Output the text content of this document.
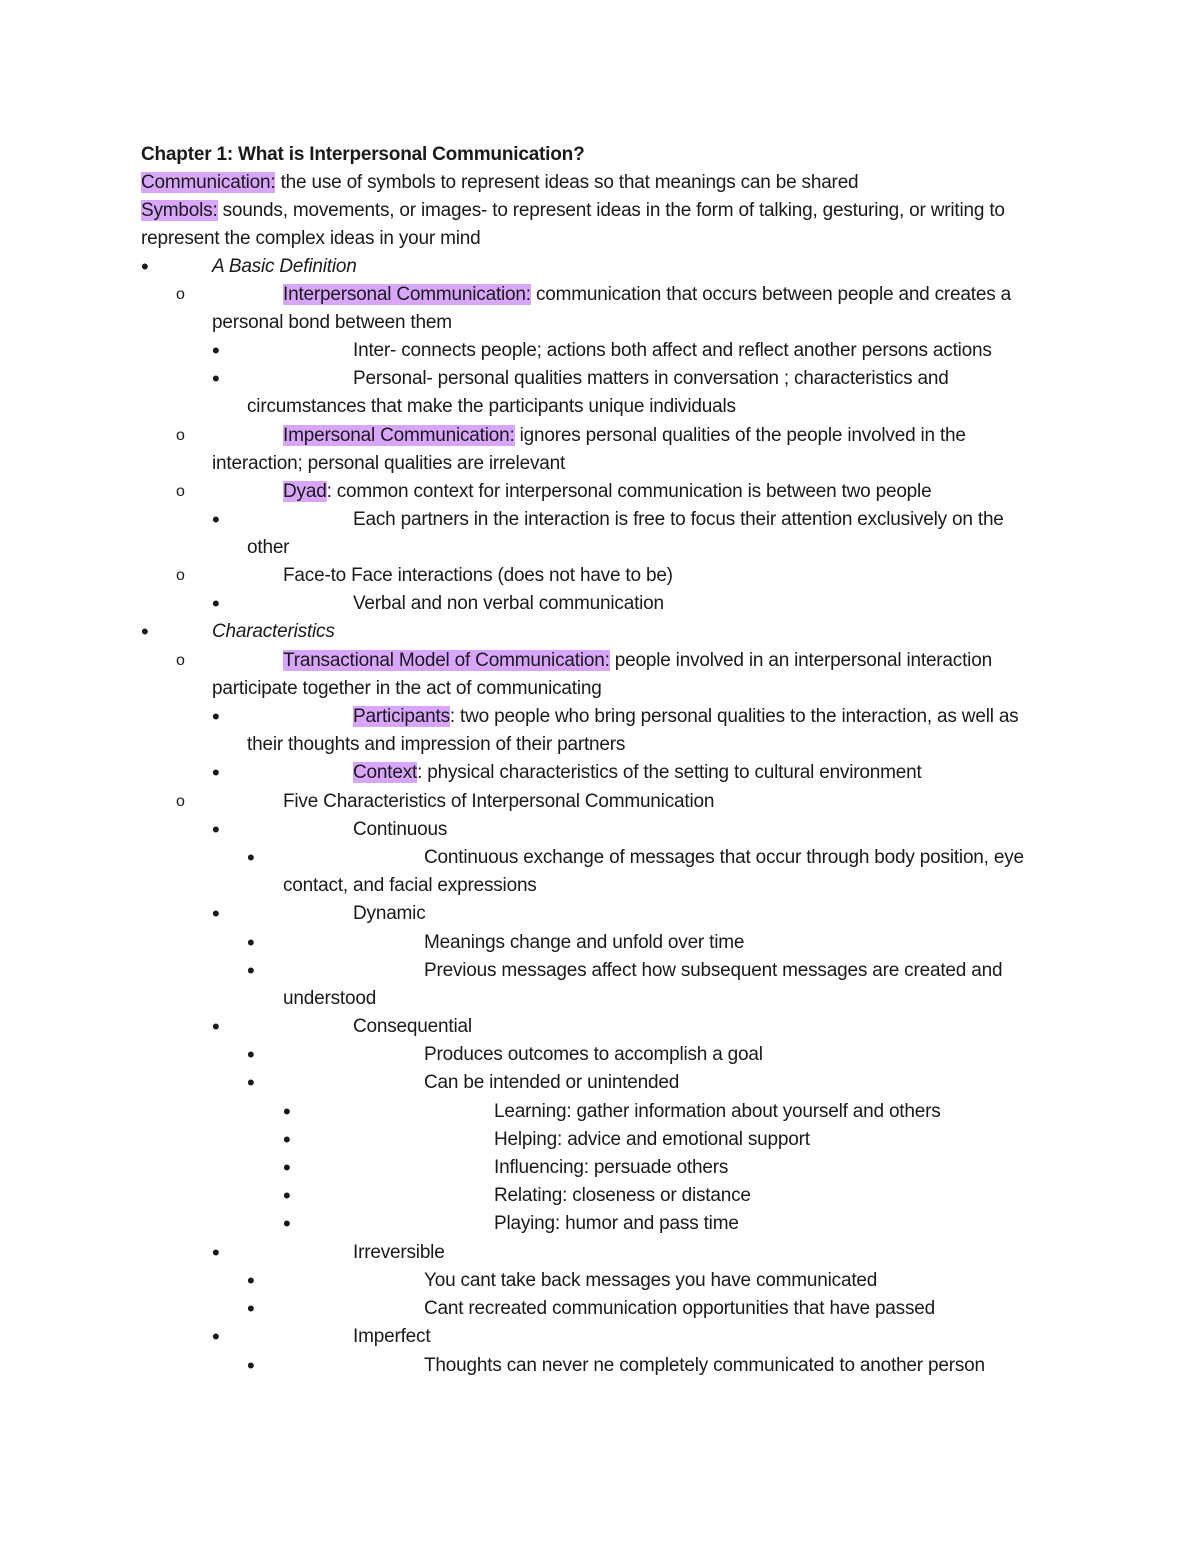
Chapter 1: What is Interpersonal Communication?
Communication: the use of symbols to represent ideas so that meanings can be shared
Symbols: sounds, movements, or images- to represent ideas in the form of talking, gesturing, or writing to
represent the complex ideas in your mind
•	A Basic Definition
o	Interpersonal Communication: communication that occurs between people and creates a
personal bond between them
•	Inter- connects people; actions both affect and reflect another persons actions
•	Personal- personal qualities matters in conversation ; characteristics and
circumstances that make the participants unique individuals
o	Impersonal Communication: ignores personal qualities of the people involved in the
interaction; personal qualities are irrelevant
o	Dyad: common context for interpersonal communication is between two people
•	Each partners in the interaction is free to focus their attention exclusively on the
other
o	Face-to Face interactions (does not have to be)
•	Verbal and non verbal communication
•	Characteristics
o	Transactional Model of Communication: people involved in an interpersonal interaction
participate together in the act of communicating
•	Participants: two people who bring personal qualities to the interaction, as well as
their thoughts and impression of their partners
•	Context: physical characteristics of the setting to cultural environment
o	Five Characteristics of Interpersonal Communication
•	Continuous
•	Continuous exchange of messages that occur through body position, eye
contact, and facial expressions
•	Dynamic
•	Meanings change and unfold over time
•	Previous messages affect how subsequent messages are created and
understood
•	Consequential
•	Produces outcomes to accomplish a goal
•	Can be intended or unintended
•	Learning: gather information about yourself and others
•	Helping: advice and emotional support
•	Influencing: persuade others
•	Relating: closeness or distance
•	Playing: humor and pass time
•	Irreversible
•	You cant take back messages you have communicated
•	Cant recreated communication opportunities that have passed
•	Imperfect
•	Thoughts can never ne completely communicated to another person
